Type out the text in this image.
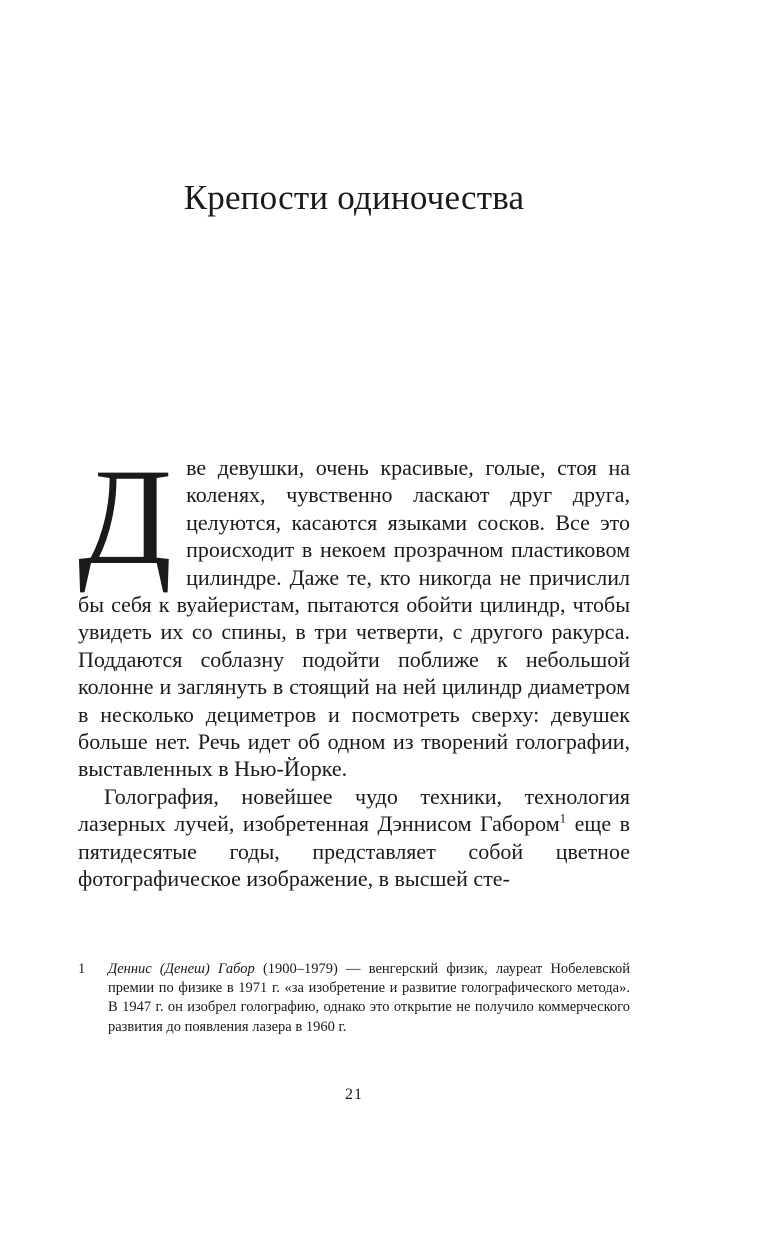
Крепости одиночества

Две девушки, очень красивые, голые, стоя на коленях, чувственно ласкают друг друга, целуются, касаются языками сосков. Все это происходит в некоем прозрачном пластиковом цилиндре. Даже те, кто никогда не причислил бы себя к вуайеристам, пытаются обойти цилиндр, чтобы увидеть их со спины, в три четверти, с другого ракурса. Поддаются соблазну подойти поближе к небольшой колонне и заглянуть в стоящий на ней цилиндр диаметром в несколько дециметров и посмотреть сверху: девушек больше нет. Речь идет об одном из творений голографии, выставленных в Нью-Йорке.

Голография, новейшее чудо техники, технология лазерных лучей, изобретенная Дэннисом Габором$^1$ еще в пятидесятые годы, представляет собой цветное фотографическое изображение, в высшей сте-

1	Деннис (Денеш) Габор (1900–1979) — венгерский физик, лауреат Нобелевской премии по физике в 1971 г. «за изобретение и развитие голографического метода». В 1947 г. он изобрел голографию, однако это открытие не получило коммерческого развития до появления лазера в 1960 г.
21
